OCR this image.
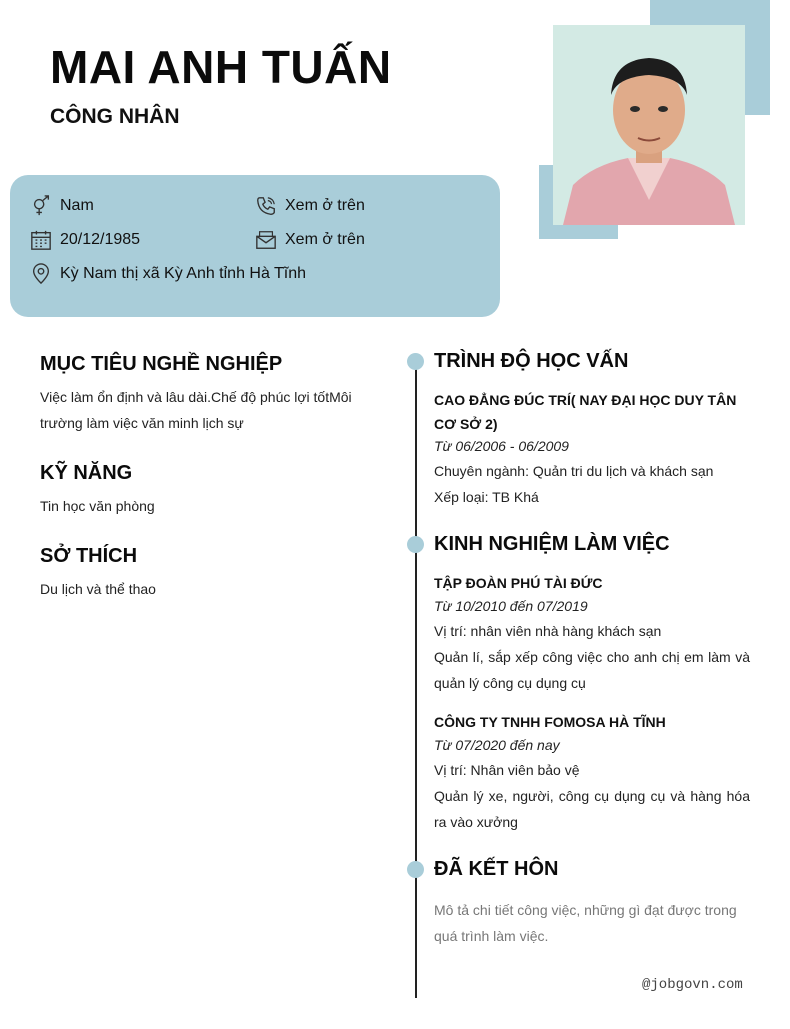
MAI ANH TUẤN
CÔNG NHÂN
Nam	Xem ở trên
20/12/1985	Xem ở trên
Kỳ Nam thị xã Kỳ Anh tỉnh Hà Tĩnh
MỤC TIÊU NGHỀ NGHIỆP
Việc làm ổn định và lâu dài.Chế độ phúc lợi tốtMôi trường làm việc văn minh lịch sự
KỸ NĂNG
Tin học văn phòng
SỞ THÍCH
Du lịch và thể thao
TRÌNH ĐỘ HỌC VẤN
CAO ĐẲNG ĐÚC TRÍ( NAY ĐẠI HỌC DUY TÂN CƠ SỞ 2)
Từ 06/2006 - 06/2009
Chuyên ngành: Quản tri du lịch và khách sạn
Xếp loại: TB Khá
KINH NGHIỆM LÀM VIỆC
TẬP ĐOÀN PHÚ TÀI ĐỨC
Từ 10/2010 đến 07/2019
Vị trí: nhân viên nhà hàng khách sạn
Quản lí, sắp xếp công việc cho anh chị em làm và quản lý công cụ dụng cụ
CÔNG TY TNHH FOMOSA HÀ TĨNH
Từ 07/2020 đến nay
Vị trí: Nhân viên bảo vệ
Quản lý xe, người, công cụ dụng cụ và hàng hóa ra vào xưởng
ĐÃ KẾT HÔN
Mô tả chi tiết công việc, những gì đạt được trong quá trình làm việc.
@jobgovn.com
